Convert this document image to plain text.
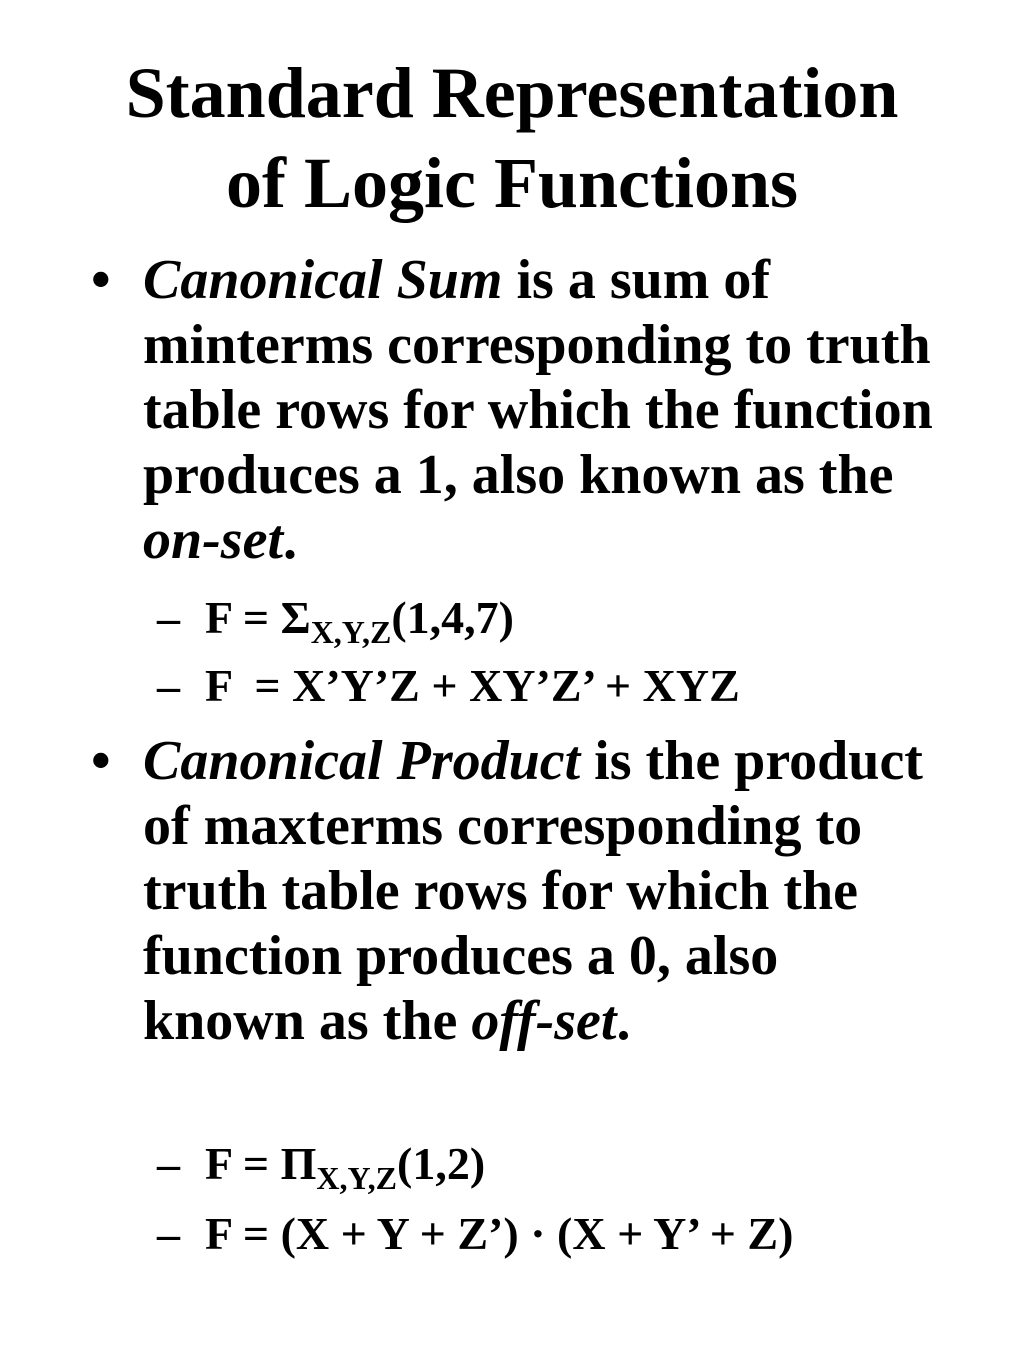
Standard Representation
of Logic Functions

• Canonical Sum is a sum of minterms corresponding to truth table rows for which the function produces a 1, also known as the on-set.

– $F = \Sigma_{X,Y,Z}(1,4,7)$
– F  = X’Y’Z + XY’Z’ + XYZ

• Canonical Product is the product of maxterms corresponding to truth table rows for which the function produces a 0, also known as the off-set.

– $F = \Pi_{X,Y,Z}(1,2)$
– F = (X + Y + Z’) · (X + Y’ + Z)
